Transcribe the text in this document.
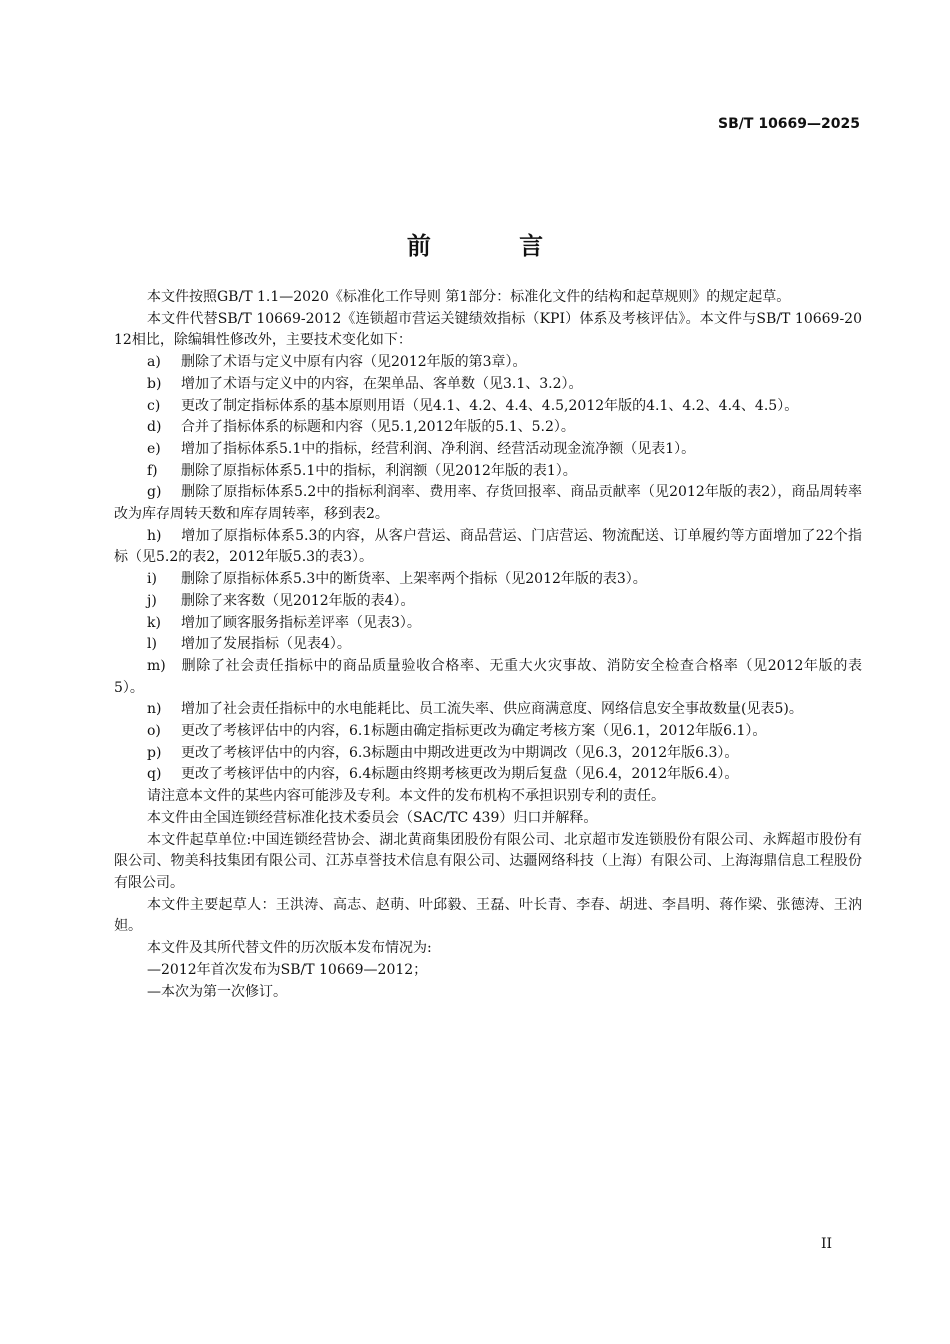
SB/T 10669—2025
前 言

本文件按照GB/T 1.1—2020《标准化工作导则 第1部分：标准化文件的结构和起草规则》的规定起草。

本文件代替SB/T 10669-2012《连锁超市营运关键绩效指标（KPI）体系及考核评估》。本文件与SB/T 10669-2012相比，除编辑性修改外，主要技术变化如下：

a) 删除了术语与定义中原有内容（见2012年版的第3章）。

b) 增加了术语与定义中的内容，在架单品、客单数（见3.1、3.2）。

c) 更改了制定指标体系的基本原则用语（见4.1、4.2、4.4、4.5,2012年版的4.1、4.2、4.4、4.5）。

d) 合并了指标体系的标题和内容（见5.1,2012年版的5.1、5.2）。

e) 增加了指标体系5.1中的指标，经营利润、净利润、经营活动现金流净额（见表1）。

f) 删除了原指标体系5.1中的指标，利润额（见2012年版的表1）。

g) 删除了原指标体系5.2中的指标利润率、费用率、存货回报率、商品贡献率（见2012年版的表2），商品周转率改为库存周转天数和库存周转率，移到表2。

h) 增加了原指标体系5.3的内容，从客户营运、商品营运、门店营运、物流配送、订单履约等方面增加了22个指标（见5.2的表2，2012年版5.3的表3）。

i) 删除了原指标体系5.3中的断货率、上架率两个指标（见2012年版的表3）。

j) 删除了来客数（见2012年版的表4）。

k) 增加了顾客服务指标差评率（见表3）。

l) 增加了发展指标（见表4）。

m) 删除了社会责任指标中的商品质量验收合格率、无重大火灾事故、消防安全检查合格率（见2012年版的表5）。

n) 增加了社会责任指标中的水电能耗比、员工流失率、供应商满意度、网络信息安全事故数量(见表5)。

o) 更改了考核评估中的内容，6.1标题由确定指标更改为确定考核方案（见6.1，2012年版6.1）。

p) 更改了考核评估中的内容，6.3标题由中期改进更改为中期调改（见6.3，2012年版6.3）。

q) 更改了考核评估中的内容，6.4标题由终期考核更改为期后复盘（见6.4，2012年版6.4）。

请注意本文件的某些内容可能涉及专利。本文件的发布机构不承担识别专利的责任。

本文件由全国连锁经营标准化技术委员会（SAC/TC 439）归口并解释。

本文件起草单位:中国连锁经营协会、湖北黄商集团股份有限公司、北京超市发连锁股份有限公司、永辉超市股份有限公司、物美科技集团有限公司、江苏卓誉技术信息有限公司、达疆网络科技（上海）有限公司、上海海鼎信息工程股份有限公司。

本文件主要起草人：王洪涛、高志、赵萌、叶邱毅、王磊、叶长青、李春、胡进、李昌明、蒋作梁、张德涛、王汭妲。

本文件及其所代替文件的历次版本发布情况为:

—2012年首次发布为SB/T 10669—2012；

—本次为第一次修订。

II
